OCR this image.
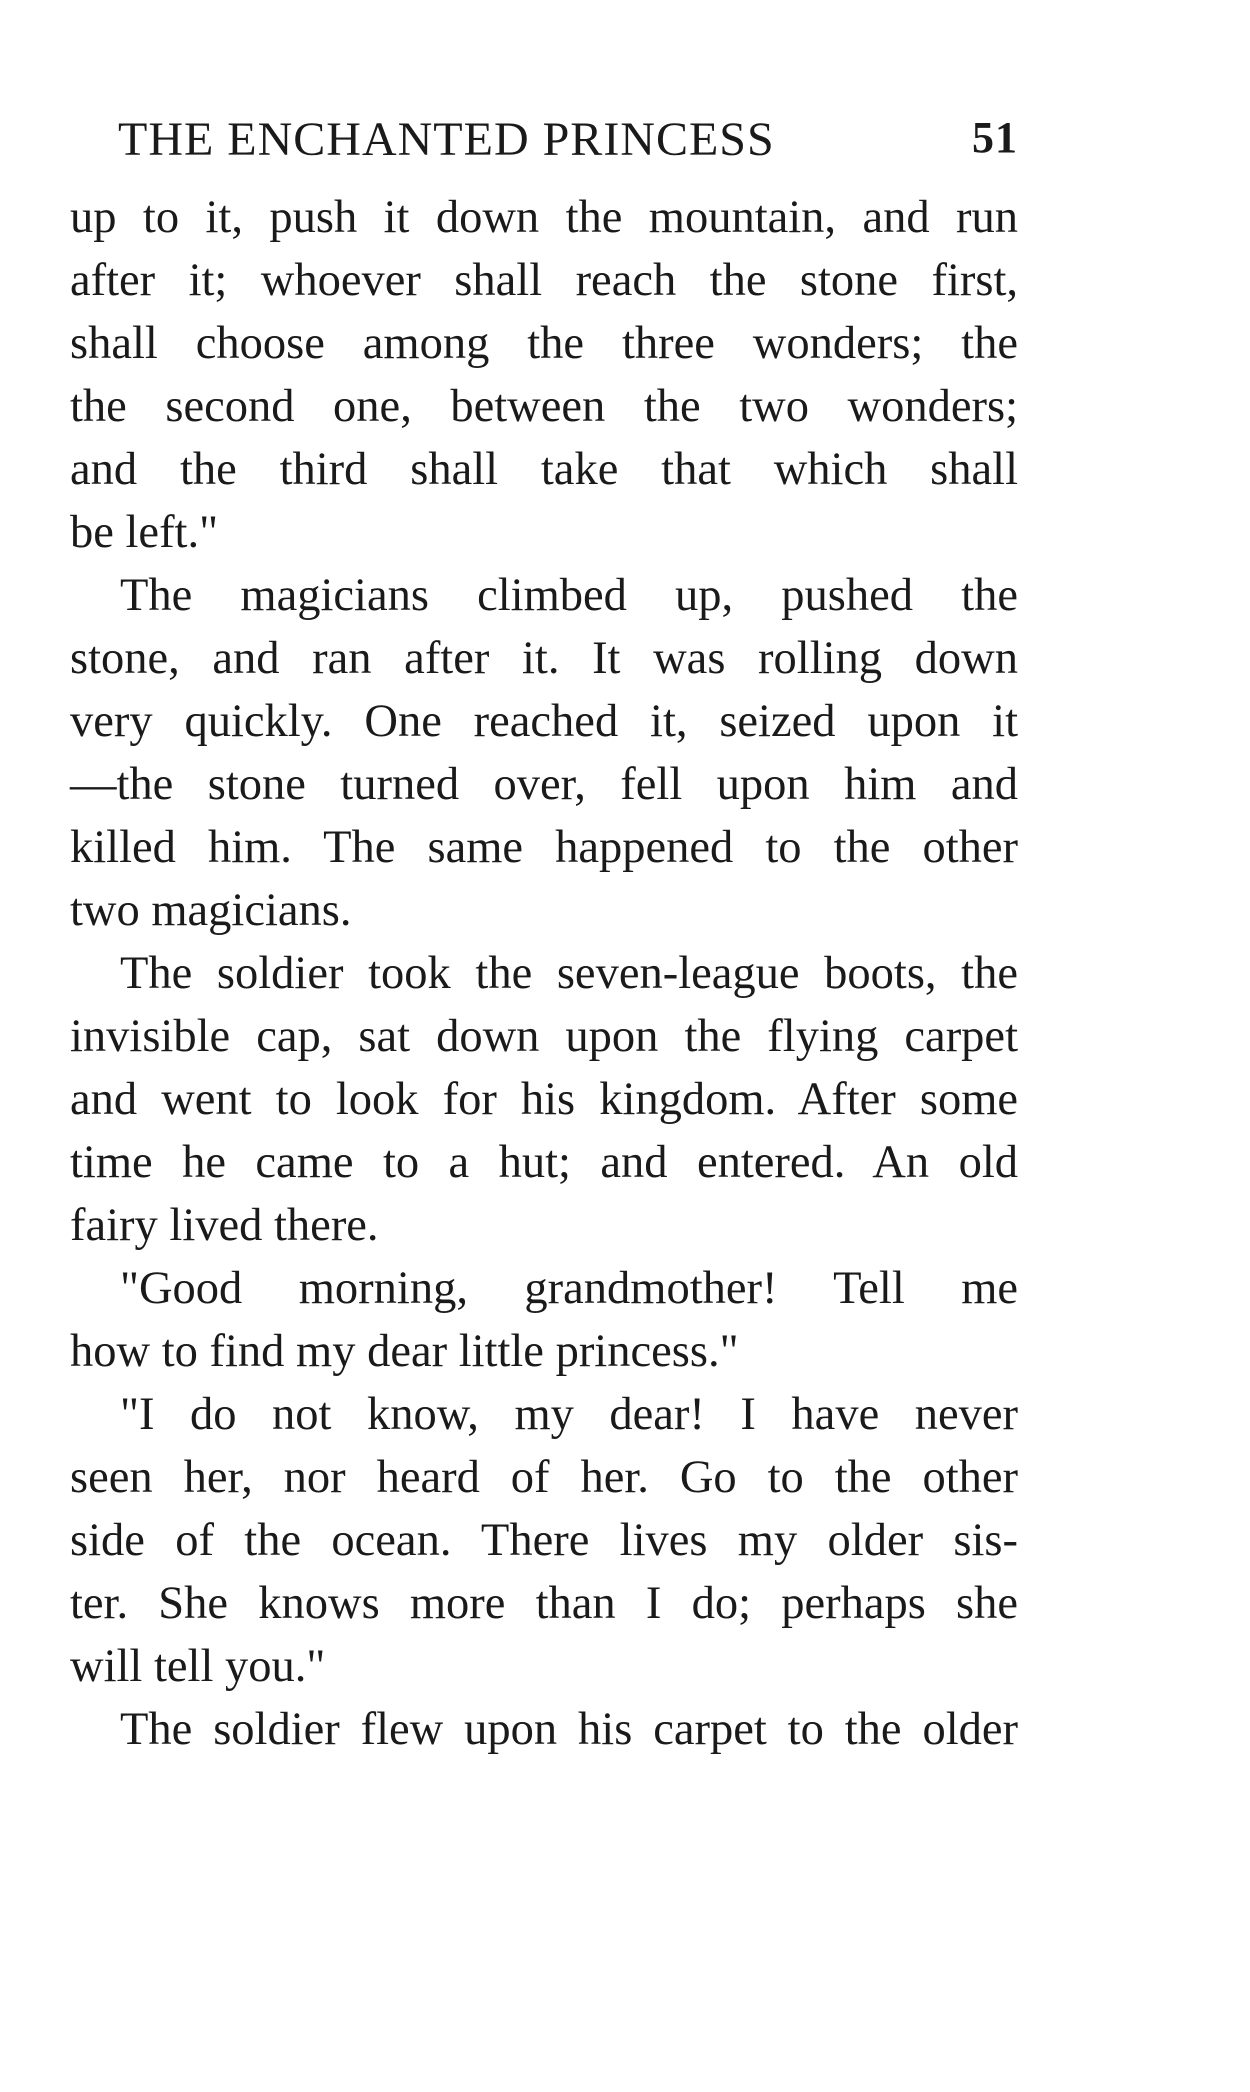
THE ENCHANTED PRINCESS	51
up to it, push it down the mountain, and run
after it; whoever shall reach the stone first,
shall choose among the three wonders; the
the second one, between the two wonders;
and the third shall take that which shall
be left."
The magicians climbed up, pushed the
stone, and ran after it. It was rolling down
very quickly. One reached it, seized upon it
—the stone turned over, fell upon him and
killed him. The same happened to the other
two magicians.
The soldier took the seven-league boots, the
invisible cap, sat down upon the flying carpet
and went to look for his kingdom. After some
time he came to a hut; and entered. An old
fairy lived there.
"Good morning, grandmother! Tell me
how to find my dear little princess."
"I do not know, my dear! I have never
seen her, nor heard of her. Go to the other
side of the ocean. There lives my older sis-
ter. She knows more than I do; perhaps she
will tell you."
The soldier flew upon his carpet to the older
